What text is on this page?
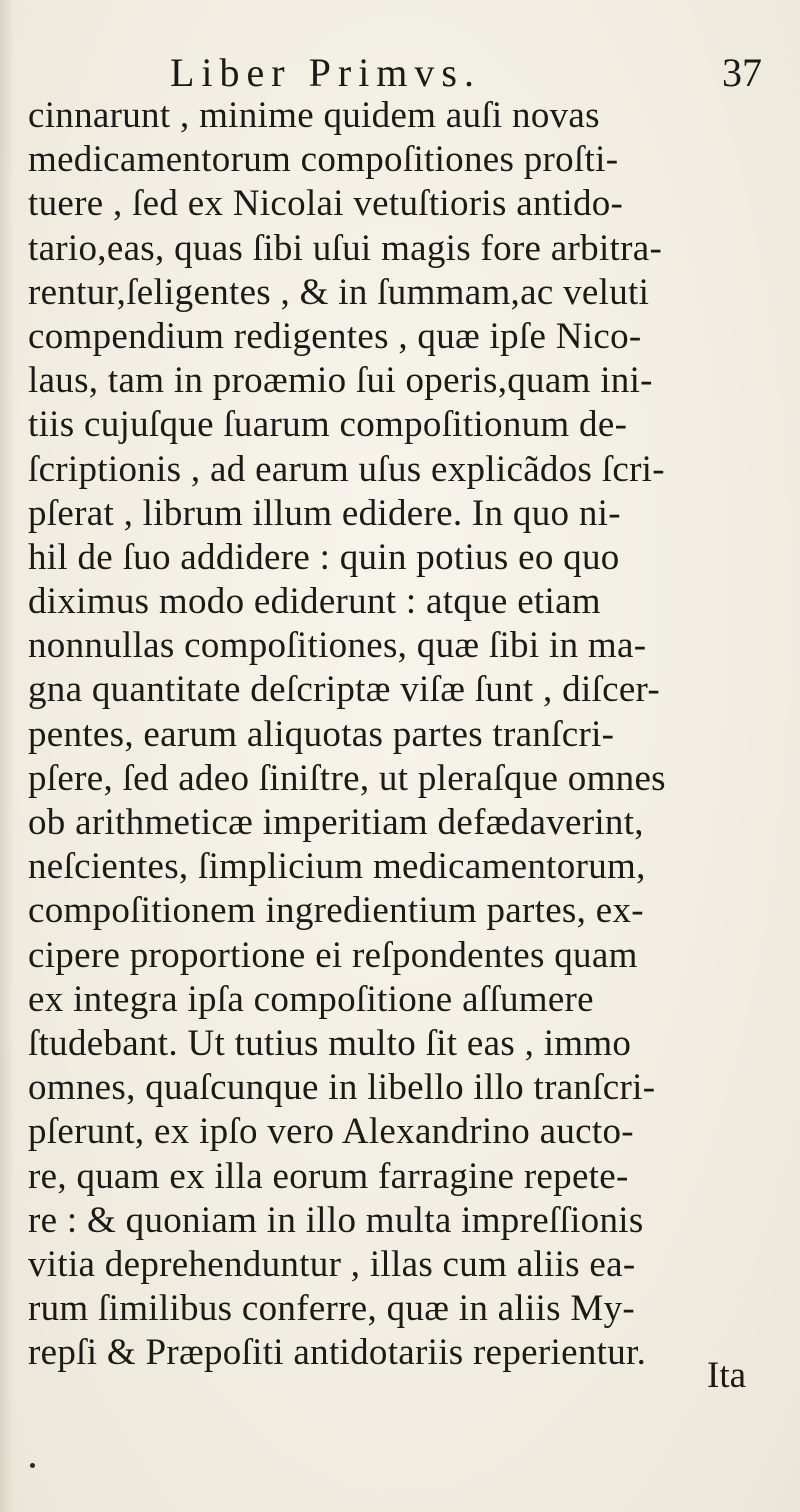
Liber Primvs.	37
cinnarunt , minime quidem auſi novas
medicamentorum compoſitiones proſti-
tuere , ſed ex Nicolai vetuſtioris antido-
tario,eas, quas ſibi uſui magis fore arbitra-
rentur,ſeligentes , & in ſummam,ac veluti
compendium redigentes , quæ ipſe Nico-
laus, tam in proæmio ſui operis,quam ini-
tiis cujuſque ſuarum compoſitionum de-
ſcriptionis , ad earum uſus explicãdos ſcri-
pſerat , librum illum edidere. In quo ni-
hil de ſuo addidere : quin potius eo quo
diximus modo ediderunt : atque etiam
nonnullas compoſitiones, quæ ſibi in ma-
gna quantitate deſcriptæ viſæ ſunt , diſcer-
pentes, earum aliquotas partes tranſcri-
pſere, ſed adeo ſiniſtre, ut pleraſque omnes
ob arithmeticæ imperitiam defædaverint,
neſcientes, ſimplicium medicamentorum,
compoſitionem ingredientium partes, ex-
cipere proportione ei reſpondentes quam
ex integra ipſa compoſitione aſſumere
ſtudebant. Ut tutius multo ſit eas , immo
omnes, quaſcunque in libello illo tranſcri-
pſerunt, ex ipſo vero Alexandrino aucto-
re, quam ex illa eorum farragine repete-
re : & quoniam in illo multa impreſſionis
vitia deprehenduntur , illas cum aliis ea-
rum ſimilibus conferre, quæ in aliis My-
repſi & Præpoſiti antidotariis reperientur.
Ita
